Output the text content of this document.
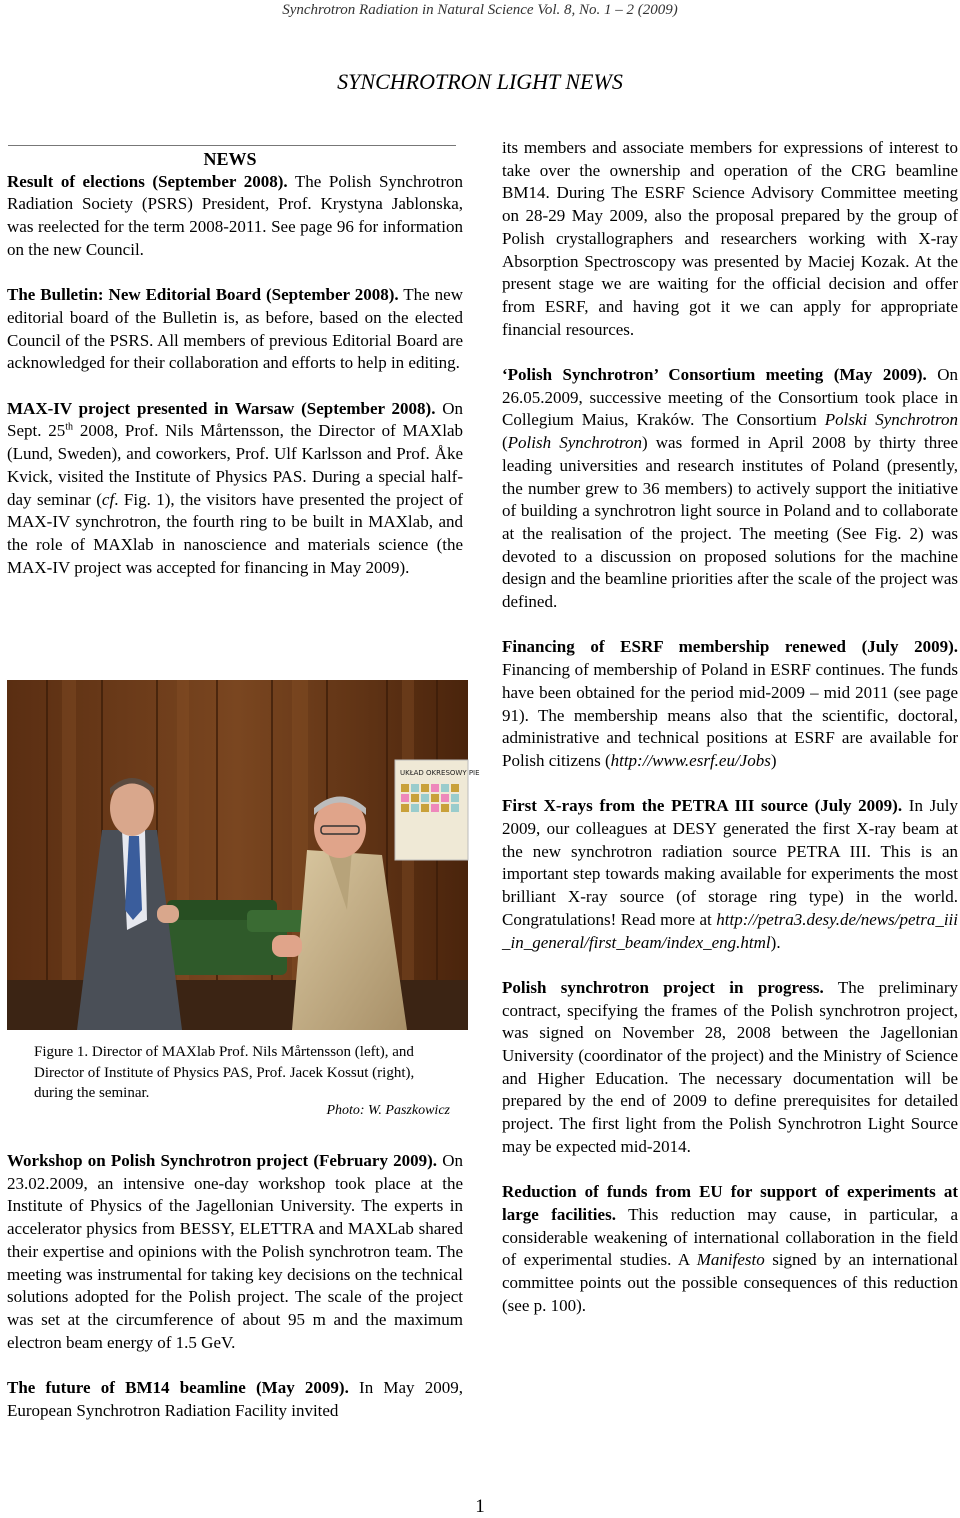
Synchrotron Radiation in Natural Science Vol. 8, No. 1 – 2 (2009)
SYNCHROTRON LIGHT NEWS
NEWS

Result of elections (September 2008). The Polish Synchrotron Radiation Society (PSRS) President, Prof. Krystyna Jablonska, was reelected for the term 2008-2011. See page 96 for information on the new Council.

The Bulletin: New Editorial Board (September 2008). The new editorial board of the Bulletin is, as before, based on the elected Council of the PSRS. All members of previous Editorial Board are acknowledged for their collaboration and efforts to help in editing.

MAX-IV project presented in Warsaw (September 2008). On Sept. 25th 2008, Prof. Nils Mårtensson, the Director of MAXlab (Lund, Sweden), and coworkers, Prof. Ulf Karlsson and Prof. Åke Kvick, visited the Institute of Physics PAS. During a special half-day seminar (cf. Fig. 1), the visitors have presented the project of MAX-IV synchrotron, the fourth ring to be built in MAXlab, and the role of MAXlab in nanoscience and materials science (the MAX-IV project was accepted for financing in May 2009).

UKŁAD OKRESOWY PIE

Figure 1. Director of MAXlab Prof. Nils Mårtensson (left), and Director of Institute of Physics PAS, Prof. Jacek Kossut (right), during the seminar.

Photo: W. Paszkowicz

Workshop on Polish Synchrotron project (February 2009). On 23.02.2009, an intensive one-day workshop took place at the Institute of Physics of the Jagellonian University. The experts in accelerator physics from BESSY, ELETTRA and MAXLab shared their expertise and opinions with the Polish synchrotron team. The meeting was instrumental for taking key decisions on the technical solutions adopted for the Polish project. The scale of the project was set at the circumference of about 95 m and the maximum electron beam energy of 1.5 GeV.

The future of BM14 beamline (May 2009). In May 2009, European Synchrotron Radiation Facility invited

its members and associate members for expressions of interest to take over the ownership and operation of the CRG beamline BM14. During The ESRF Science Advisory Committee meeting on 28-29 May 2009, also the proposal prepared by the group of Polish crystallographers and researchers working with X-ray Absorption Spectroscopy was presented by Maciej Kozak. At the present stage we are waiting for the official decision and offer from ESRF, and having got it we can apply for appropriate financial resources.

‘Polish Synchrotron’ Consortium meeting (May 2009). On 26.05.2009, successive meeting of the Consortium took place in Collegium Maius, Kraków. The Consortium Polski Synchrotron (Polish Synchrotron) was formed in April 2008 by thirty three leading universities and research institutes of Poland (presently, the number grew to 36 members) to actively support the initiative of building a synchrotron light source in Poland and to collaborate at the realisation of the project. The meeting (See Fig. 2) was devoted to a discussion on proposed solutions for the machine design and the beamline priorities after the scale of the project was defined.

Financing of ESRF membership renewed (July 2009). Financing of membership of Poland in ESRF continues. The funds have been obtained for the period mid-2009 – mid 2011 (see page 91). The membership means also that the scientific, doctoral, administrative and technical positions at ESRF are available for Polish citizens (http://www.esrf.eu/Jobs)

First X-rays from the PETRA III source (July 2009). In July 2009, our colleagues at DESY generated the first X-ray beam at the new synchrotron radiation source PETRA III. This is an important step towards making available for experiments the most brilliant X-ray source (of storage ring type) in the world. Congratulations! Read more at http://petra3.desy.de/news/petra_iii_in_general/first_beam/index_eng.html).

Polish synchrotron project in progress. The preliminary contract, specifying the frames of the Polish synchrotron project, was signed on November 28, 2008 between the Jagellonian University (coordinator of the project) and the Ministry of Science and Higher Education. The necessary documentation will be prepared by the end of 2009 to define prerequisites for detailed project. The first light from the Polish Synchrotron Light Source may be expected mid-2014.

Reduction of funds from EU for support of experiments at large facilities. This reduction may cause, in particular, a considerable weakening of international collaboration in the field of experimental studies. A Manifesto signed by an international committee points out the possible consequences of this reduction (see p. 100).

1
